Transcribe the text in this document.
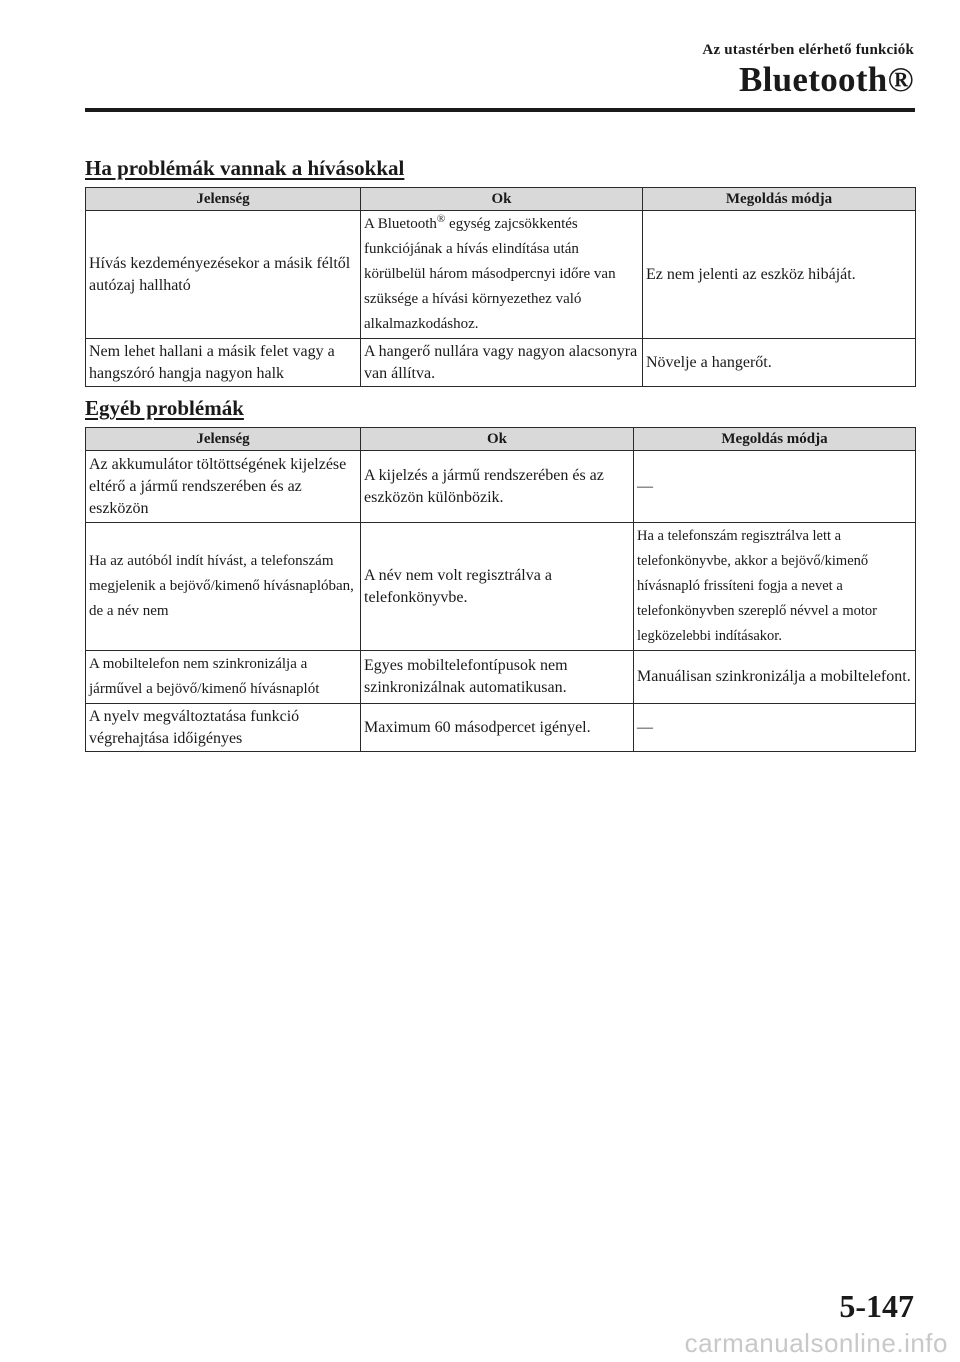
Az utastérben elérhető funkciók
Bluetooth®
Ha problémák vannak a hívásokkal
Jelenség	Ok	Megoldás módja
Hívás kezdeményezésekor a másik féltől autózaj hallható	A Bluetooth® egység zajcsökkentés funkciójának a hívás elindítása után körülbelül három másodpercnyi időre van szüksége a hívási környezethez való alkalmazkodáshoz.	Ez nem jelenti az eszköz hibáját.
Nem lehet hallani a másik felet vagy a hangszóró hangja nagyon halk	A hangerő nullára vagy nagyon alacsonyra van állítva.	Növelje a hangerőt.
Egyéb problémák
Jelenség	Ok	Megoldás módja
Az akkumulátor töltöttségének kijelzése eltérő a jármű rendszerében és az eszközön	A kijelzés a jármű rendszerében és az eszközön különbözik.	—
Ha az autóból indít hívást, a telefonszám megjelenik a bejövő/kimenő hívásnaplóban, de a név nem	A név nem volt regisztrálva a telefonkönyvbe.	Ha a telefonszám regisztrálva lett a telefonkönyvbe, akkor a bejövő/kimenő hívásnapló frissíteni fogja a nevet a telefonkönyvben szereplő névvel a motor legközelebbi indításakor.
A mobiltelefon nem szinkronizálja a járművel a bejövő/kimenő hívásnaplót	Egyes mobiltelefontípusok nem szinkronizálnak automatikusan.	Manuálisan szinkronizálja a mobiltelefont.
A nyelv megváltoztatása funkció végrehajtása időigényes	Maximum 60 másodpercet igényel.	—
5-147
carmanualsonline.info
